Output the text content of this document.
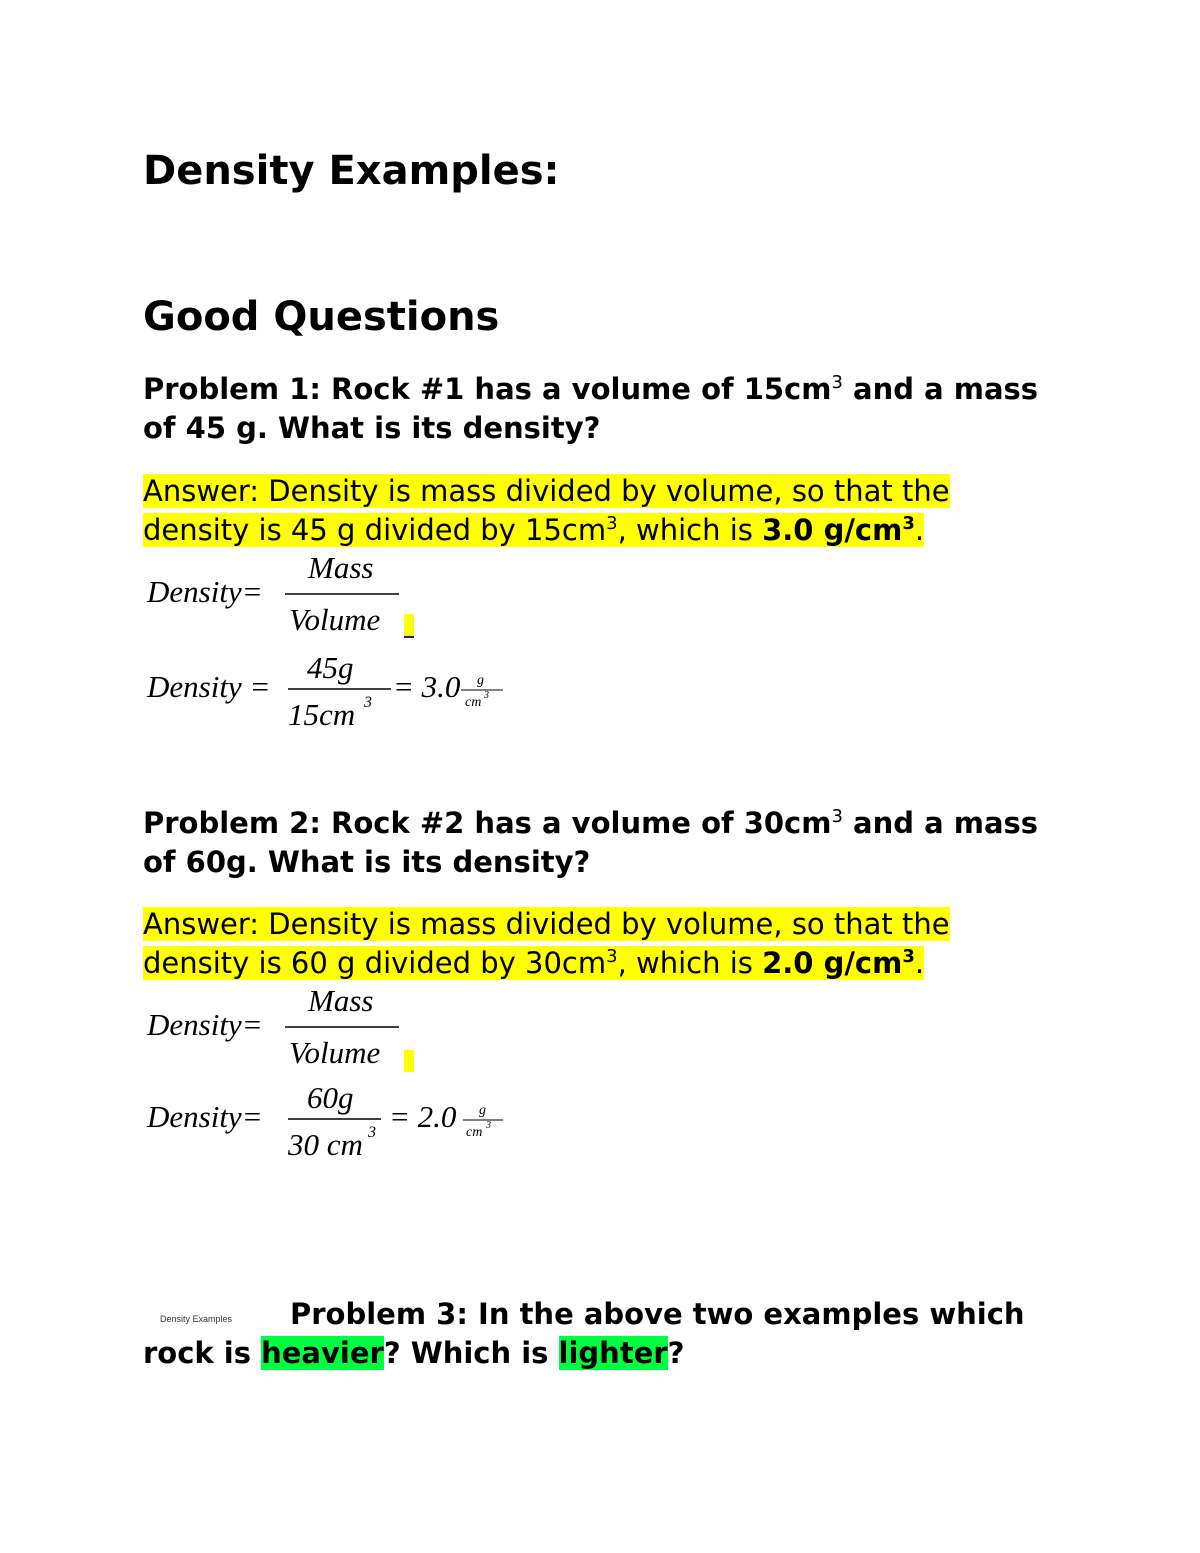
Density Examples:
Good Questions

Problem 1: Rock #1 has a volume of $15cm^3$ and a mass of 45 g. What is its density?

Answer: Density is mass divided by volume, so that the density is 45 g divided by $15cm^3$, which is 3.0 $g/cm^3$.

Density=
Mass
Volume
Density =
45g
15cm 3 = 3.0 g
cm 3

Problem 2: Rock #2 has a volume of $30cm^3$ and a mass of 60g. What is its density?

Answer: Density is mass divided by volume, so that the density is 60 g divided by $30cm^3$, which is 2.0 $g/cm^3$.

Density=
Mass
Volume
Density=
60g
30 cm 3 = 2.0 g
cm 3
Density Examples	Problem 3: In the above two examples which rock is heavier? Which is lighter?
